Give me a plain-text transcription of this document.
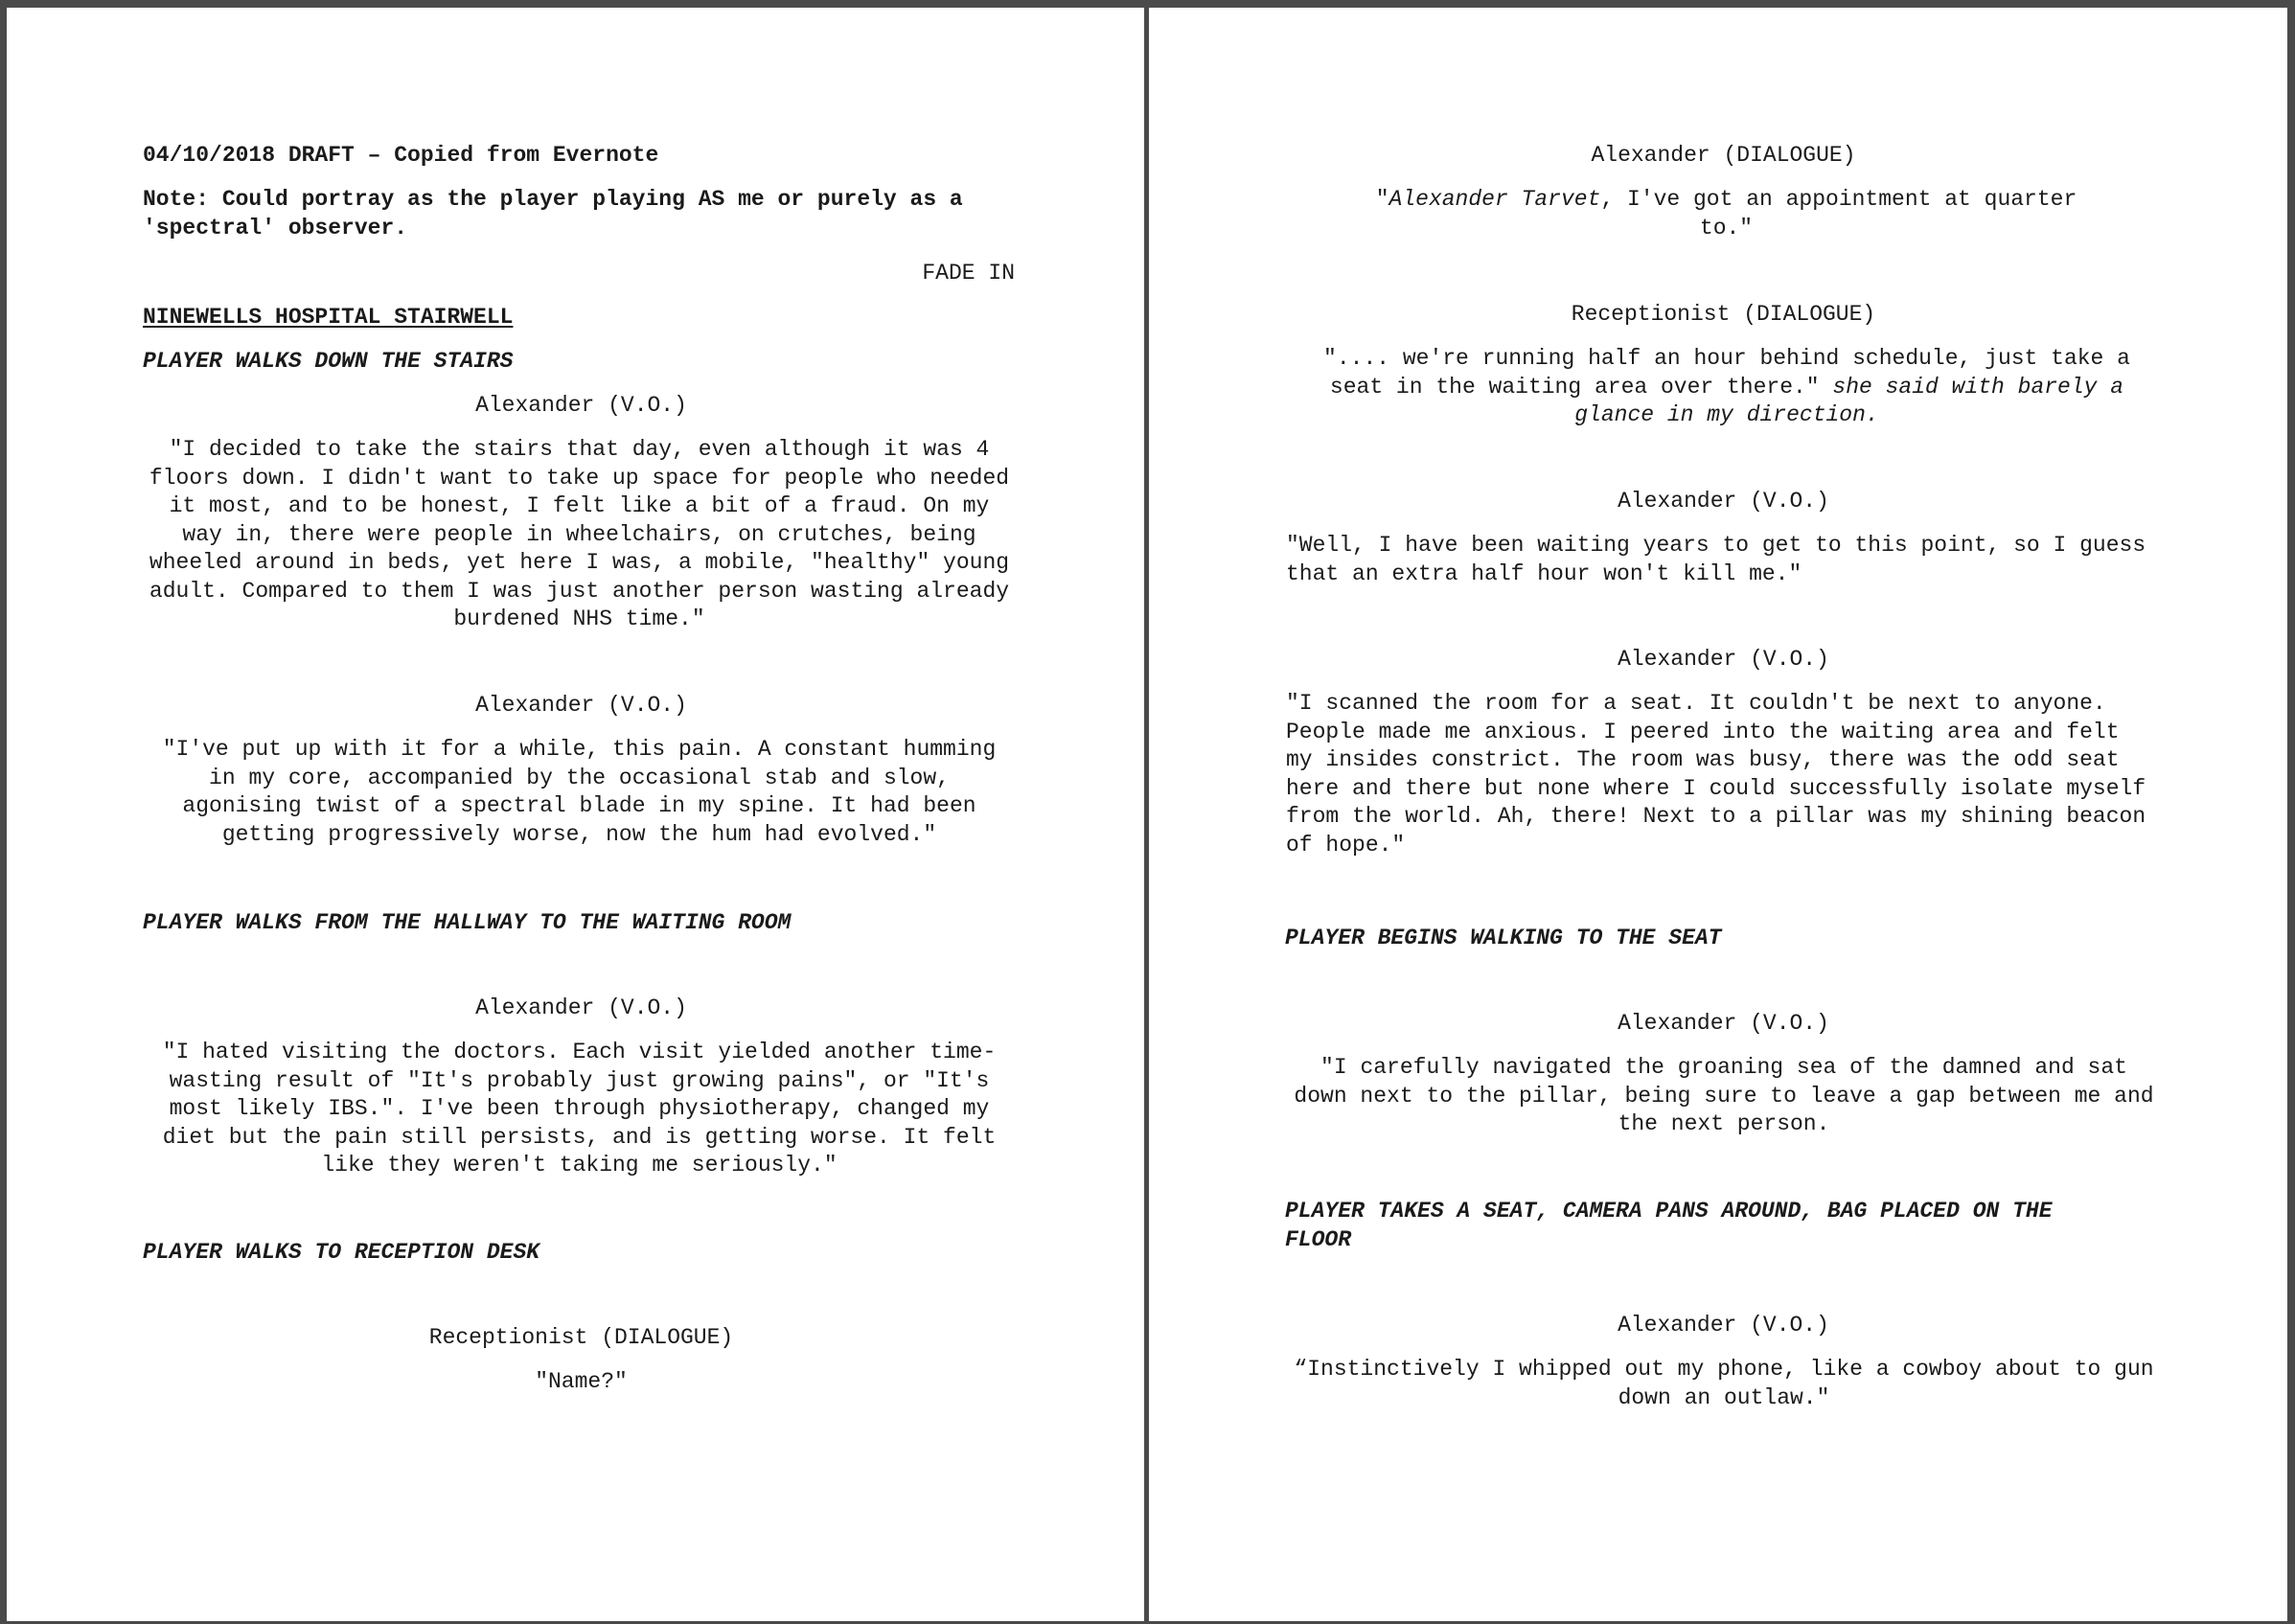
04/10/2018 DRAFT – Copied from Evernote
Note: Could portray as the player playing AS me or purely as a 'spectral' observer.
FADE IN
NINEWELLS HOSPITAL STAIRWELL
PLAYER WALKS DOWN THE STAIRS
Alexander (V.O.)
"I decided to take the stairs that day, even although it was 4 floors down. I didn't want to take up space for people who needed it most, and to be honest, I felt like a bit of a fraud. On my way in, there were people in wheelchairs, on crutches, being wheeled around in beds, yet here I was, a mobile, "healthy" young adult. Compared to them I was just another person wasting already burdened NHS time."
Alexander (V.O.)
"I've put up with it for a while, this pain. A constant humming in my core, accompanied by the occasional stab and slow, agonising twist of a spectral blade in my spine. It had been getting progressively worse, now the hum had evolved."
PLAYER WALKS FROM THE HALLWAY TO THE WAITING ROOM
Alexander (V.O.)
"I hated visiting the doctors. Each visit yielded another time-wasting result of "It's probably just growing pains", or "It's most likely IBS.". I've been through physiotherapy, changed my diet but the pain still persists, and is getting worse. It felt like they weren't taking me seriously."
PLAYER WALKS TO RECEPTION DESK
Receptionist (DIALOGUE)
"Name?"
Alexander (DIALOGUE)
"Alexander Tarvet, I've got an appointment at quarter to."
Receptionist (DIALOGUE)
".... we're running half an hour behind schedule, just take a seat in the waiting area over there." she said with barely a glance in my direction.
Alexander (V.O.)
"Well, I have been waiting years to get to this point, so I guess that an extra half hour won't kill me."
Alexander (V.O.)
"I scanned the room for a seat. It couldn't be next to anyone. People made me anxious. I peered into the waiting area and felt my insides constrict. The room was busy, there was the odd seat here and there but none where I could successfully isolate myself from the world. Ah, there! Next to a pillar was my shining beacon of hope."
PLAYER BEGINS WALKING TO THE SEAT
Alexander (V.O.)
"I carefully navigated the groaning sea of the damned and sat down next to the pillar, being sure to leave a gap between me and the next person.
PLAYER TAKES A SEAT, CAMERA PANS AROUND, BAG PLACED ON THE FLOOR
Alexander (V.O.)
“Instinctively I whipped out my phone, like a cowboy about to gun down an outlaw."
